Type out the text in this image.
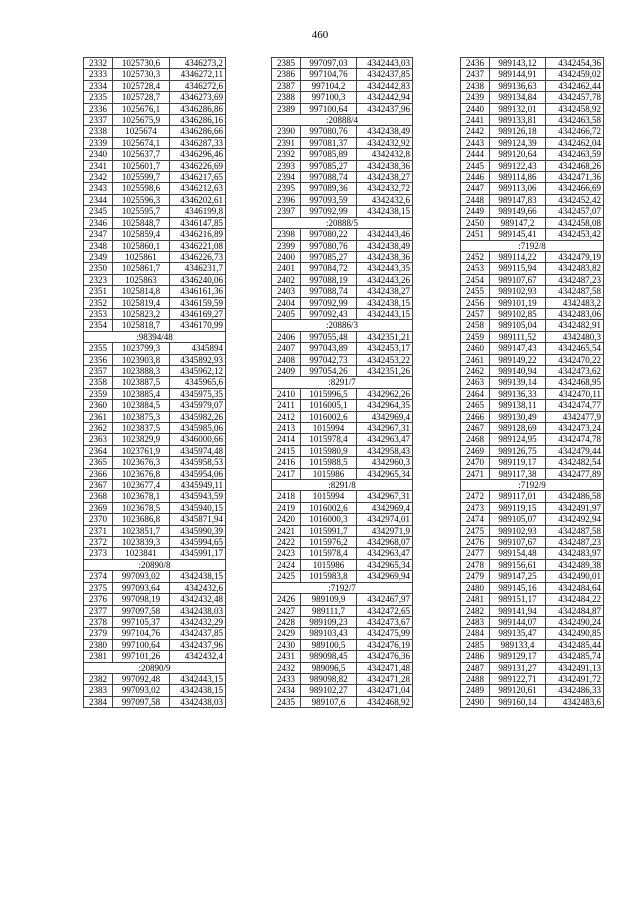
460
2332	1025730,6	4346273,2
2333	1025730,3	4346272,11
2334	1025728,4	4346272,6
2335	1025728,7	4346273,69
2336	1025676,1	4346286,86
2337	1025675,9	4346286,16
2338	1025674	4346286,66
2339	1025674,1	4346287,33
2340	1025637,7	4346296,46
2341	1025601,7	4346226,69
2342	1025599,7	4346217,65
2343	1025598,6	4346212,63
2344	1025596,3	4346202,61
2345	1025595,7	4346199,8
2346	1025848,7	4346147,85
2347	1025859,4	4346216,89
2348	1025860,1	4346221,08
2349	1025861	4346226,73
2350	1025861,7	4346231,7
2323	1025863	4346240,06
2351	1025814,8	4346161,36
2352	1025819,4	4346159,59
2353	1025823,2	4346169,27
2354	1025818,7	4346170,99
:98394/48		
2355	1023799,3	4345894
2356	1023903,8	4345892,93
2357	1023888,3	4345962,12
2358	1023887,5	4345965,6
2359	1023885,4	4345975,35
2360	1023884,5	4345979,07
2361	1023875,3	4345982,26
2362	1023837,5	4345985,06
2363	1023829,9	4346000,66
2364	1023761,9	4345974,48
2365	1023676,3	4345958,53
2366	1023676,8	4345954,06
2367	1023677,4	4345949,11
2368	1023678,1	4345943,59
2369	1023678,5	4345940,15
2370	1023686,8	4345871,94
2371	1023851,7	4345990,39
2372	1023839,3	4345994,65
2373	1023841	4345991,17
:20890/8		
2374	997093,02	4342438,15
2375	997093,64	4342432,6
2376	997098,19	4342432,48
2377	997097,58	4342438,03
2378	997105,37	4342432,29
2379	997104,76	4342437,85
2380	997100,64	4342437,96
2381	997101,26	4342432,4
:20890/9		
2382	997092,48	4342443,15
2383	997093,02	4342438,15
2384	997097,58	4342438,03
2385	997097,03	4342443,03
2386	997104,76	4342437,85
2387	997104,2	4342442,83
2388	997100,3	4342442,94
2389	997100,64	4342437,96
:20888/4		
2390	997080,76	4342438,49
2391	997081,37	4342432,92
2392	997085,89	4342432,8
2393	997085,27	4342438,36
2394	997088,74	4342438,27
2395	997089,36	4342432,72
2396	997093,59	4342432,6
2397	997092,99	4342438,15
:20888/5		
2398	997080,22	4342443,46
2399	997080,76	4342438,49
2400	997085,27	4342438,36
2401	997084,72	4342443,35
2402	997088,19	4342443,26
2403	997088,74	4342438,27
2404	997092,99	4342438,15
2405	997092,43	4342443,15
:20886/3		
2406	997055,48	4342351,21
2407	997043,89	4342453,17
2408	997042,73	4342453,22
2409	997054,26	4342351,26
:8291/7		
2410	1015996,5	4342962,26
2411	1016005,1	4342964,35
2412	1016002,6	4342969,4
2413	1015994	4342967,31
2414	1015978,4	4342963,47
2415	1015980,9	4342958,43
2416	1015988,5	4342960,3
2417	1015986	4342965,34
:8291/8		
2418	1015994	4342967,31
2419	1016002,6	4342969,4
2420	1016000,3	4342974,01
2421	1015991,7	4342971,9
2422	1015976,2	4342968,07
2423	1015978,4	4342963,47
2424	1015986	4342965,34
2425	1015983,8	4342969,94
:7192/7		
2426	989109,9	4342467,97
2427	989111,7	4342472,65
2428	989109,23	4342473,67
2429	989103,43	4342475,99
2430	989100,5	4342476,19
2431	989098,45	4342476,36
2432	989096,5	4342471,48
2433	989098,82	4342471,28
2434	989102,27	4342471,04
2435	989107,6	4342468,92
2436	989143,12	4342454,36
2437	989144,91	4342459,02
2438	989136,63	4342462,44
2439	989134,84	4342457,78
2440	989132,01	4342458,92
2441	989133,81	4342463,58
2442	989126,18	4342466,72
2443	989124,39	4342462,04
2444	989120,64	4342463,59
2445	989122,43	4342468,26
2446	989114,86	4342471,36
2447	989113,06	4342466,69
2448	989147,83	4342452,42
2449	989149,66	4342457,07
2450	989147,2	4342458,08
2451	989145,41	4342453,42
:7192/8		
2452	989114,22	4342479,19
2453	989115,94	4342483,82
2454	989107,67	4342487,23
2455	989102,93	4342487,58
2456	989101,19	4342483,2
2457	989102,85	4342483,06
2458	989105,04	4342482,91
2459	989111,52	4342480,3
2460	989147,43	4342465,54
2461	989149,22	4342470,22
2462	989140,94	4342473,62
2463	989139,14	4342468,95
2464	989136,33	4342470,11
2465	989138,11	4342474,77
2466	989130,49	4342477,9
2467	989128,69	4342473,24
2468	989124,95	4342474,78
2469	989126,75	4342479,44
2470	989119,17	4342482,54
2471	989117,38	4342477,89
:7192/9		
2472	989117,01	4342486,58
2473	989119,15	4342491,97
2474	989105,07	4342492,94
2475	989102,93	4342487,58
2476	989107,67	4342487,23
2477	989154,48	4342483,97
2478	989156,61	4342489,38
2479	989147,25	4342490,01
2480	989145,16	4342484,64
2481	989151,17	4342484,22
2482	989141,94	4342484,87
2483	989144,07	4342490,24
2484	989135,47	4342490,85
2485	989133,4	4342485,44
2486	989129,17	4342485,74
2487	989131,27	4342491,13
2488	989122,71	4342491,72
2489	989120,61	4342486,33
2490	989160,14	4342483,6
